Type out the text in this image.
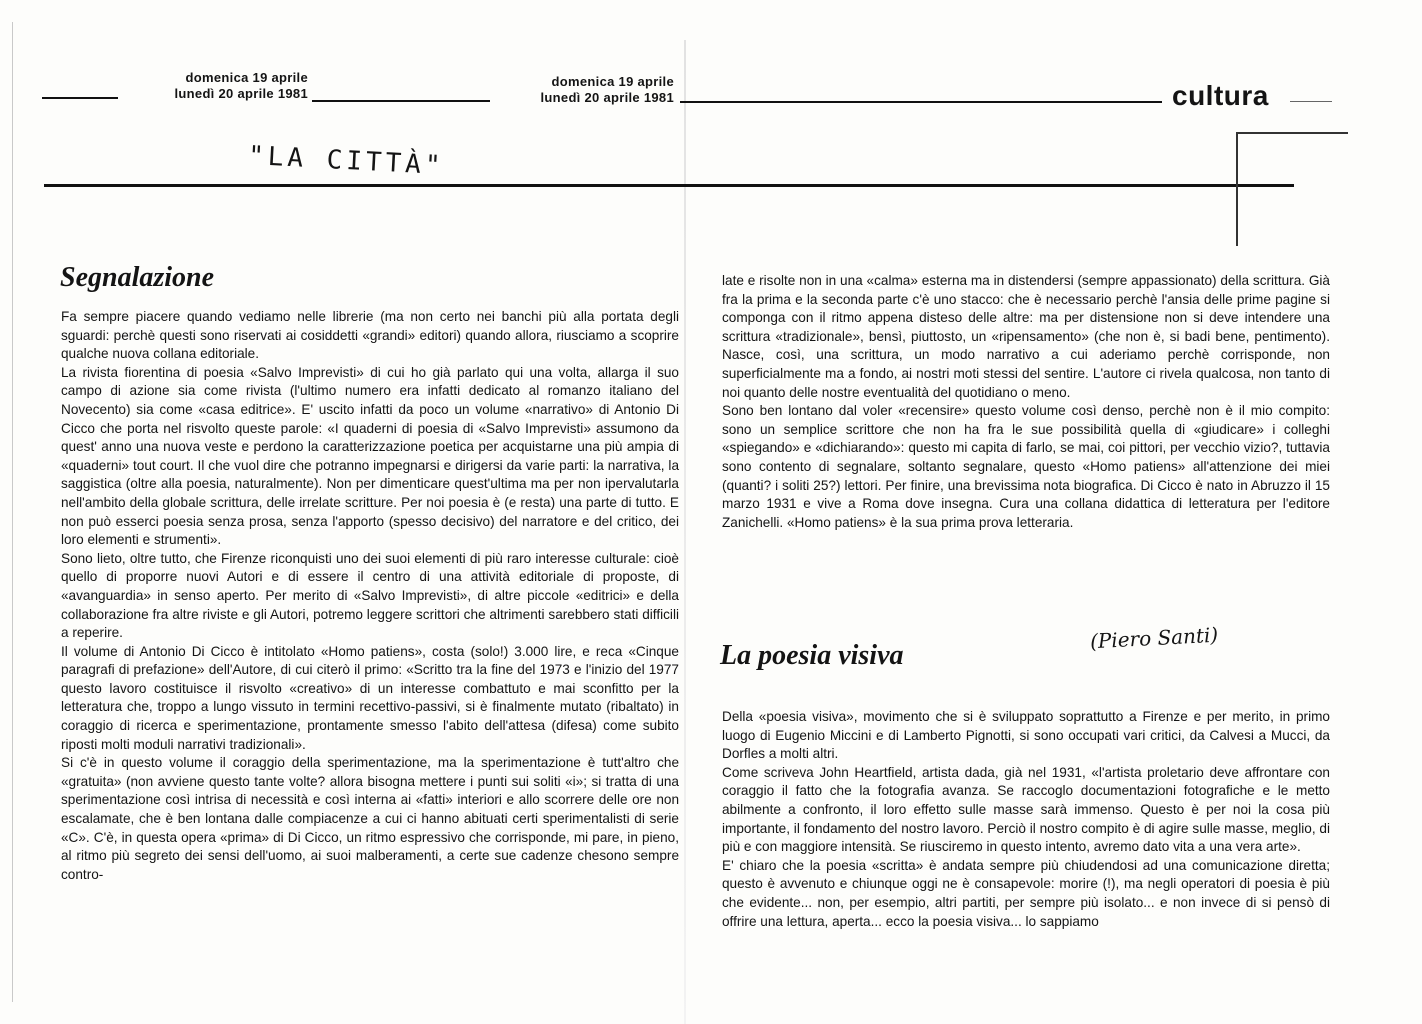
domenica 19 aprile
lunedì 20 aprile 1981
domenica 19 aprile
lunedì 20 aprile 1981	cultura
"LA CITTÀ"
Segnalazione

Fa sempre piacere quando vediamo nelle librerie (ma non certo nei banchi più alla portata degli sguardi: perchè questi sono riservati ai cosiddetti «grandi» editori) quando allora, riusciamo a scoprire qualche nuova collana editoriale.

La rivista fiorentina di poesia «Salvo Imprevisti» di cui ho già parlato qui una volta, allarga il suo campo di azione sia come rivista (l'ultimo numero era infatti dedicato al romanzo italiano del Novecento) sia come «casa editrice». E' uscito infatti da poco un volume «narrativo» di Antonio Di Cicco che porta nel risvolto queste parole: «I quaderni di poesia di «Salvo Imprevisti» assumono da quest' anno una nuova veste e perdono la caratterizzazione poetica per acquistarne una più ampia di «quaderni» tout court. Il che vuol dire che potranno impegnarsi e dirigersi da varie parti: la narrativa, la saggistica (oltre alla poesia, naturalmente). Non per dimenticare quest'ultima ma per non ipervalutarla nell'ambito della globale scrittura, delle irrelate scritture. Per noi poesia è (e resta) una parte di tutto. E non può esserci poesia senza prosa, senza l'apporto (spesso decisivo) del narratore e del critico, dei loro elementi e strumenti».

Sono lieto, oltre tutto, che Firenze riconquisti uno dei suoi elementi di più raro interesse culturale: cioè quello di proporre nuovi Autori e di essere il centro di una attività editoriale di proposte, di «avanguardia» in senso aperto. Per merito di «Salvo Imprevisti», di altre piccole «editrici» e della collaborazione fra altre riviste e gli Autori, potremo leggere scrittori che altrimenti sarebbero stati difficili a reperire.

Il volume di Antonio Di Cicco è intitolato «Homo patiens», costa (solo!) 3.000 lire, e reca «Cinque paragrafi di prefazione» dell'Autore, di cui citerò il primo: «Scritto tra la fine del 1973 e l'inizio del 1977 questo lavoro costituisce il risvolto «creativo» di un interesse combattuto e mai sconfitto per la letteratura che, troppo a lungo vissuto in termini recettivo-passivi, si è finalmente mutato (ribaltato) in coraggio di ricerca e sperimentazione, prontamente smesso l'abito dell'attesa (difesa) come subito riposti molti moduli narrativi tradizionali».

Si c'è in questo volume il coraggio della sperimentazione, ma la sperimentazione è tutt'altro che «gratuita» (non avviene questo tante volte? allora bisogna mettere i punti sui soliti «i»; si tratta di una sperimentazione così intrisa di necessità e così interna ai «fatti» interiori e allo scorrere delle ore non escalamate, che è ben lontana dalle compiacenze a cui ci hanno abituati certi sperimentalisti di serie «C». C'è, in questa opera «prima» di Di Cicco, un ritmo espressivo che corrisponde, mi pare, in pieno, al ritmo più segreto dei sensi dell'uomo, ai suoi malberamenti, a certe sue cadenze chesono sempre contro-

late e risolte non in una «calma» esterna ma in distendersi (sempre appassionato) della scrittura. Già fra la prima e la seconda parte c'è uno stacco: che è necessario perchè l'ansia delle prime pagine si componga con il ritmo appena disteso delle altre: ma per distensione non si deve intendere una scrittura «tradizionale», bensì, piuttosto, un «ripensamento» (che non è, si badi bene, pentimento). Nasce, così, una scrittura, un modo narrativo a cui aderiamo perchè corrisponde, non superficialmente ma a fondo, ai nostri moti stessi del sentire. L'autore ci rivela qualcosa, non tanto di noi quanto delle nostre eventualità del quotidiano o meno.

Sono ben lontano dal voler «recensire» questo volume così denso, perchè non è il mio compito: sono un semplice scrittore che non ha fra le sue possibilità quella di «giudicare» i colleghi «spiegando» e «dichiarando»: questo mi capita di farlo, se mai, coi pittori, per vecchio vizio?, tuttavia sono contento di segnalare, soltanto segnalare, questo «Homo patiens» all'attenzione dei miei (quanti? i soliti 25?) lettori. Per finire, una brevissima nota biografica. Di Cicco è nato in Abruzzo il 15 marzo 1931 e vive a Roma dove insegna. Cura una collana didattica di letteratura per l'editore Zanichelli. «Homo patiens» è la sua prima prova letteraria.

(Piero Santi)
La poesia visiva

Della «poesia visiva», movimento che si è sviluppato soprattutto a Firenze e per merito, in primo luogo di Eugenio Miccini e di Lamberto Pignotti, si sono occupati vari critici, da Calvesi a Mucci, da Dorfles a molti altri.

Come scriveva John Heartfield, artista dada, già nel 1931, «l'artista proletario deve affrontare con coraggio il fatto che la fotografia avanza. Se raccoglo documentazioni fotografiche e le metto abilmente a confronto, il loro effetto sulle masse sarà immenso. Questo è per noi la cosa più importante, il fondamento del nostro lavoro. Perciò il nostro compito è di agire sulle masse, meglio, di più e con maggiore intensità. Se riusciremo in questo intento, avremo dato vita a una vera arte».

E' chiaro che la poesia «scritta» è andata sempre più chiudendosi ad una comunicazione diretta; questo è avvenuto e chiunque oggi ne è consapevole: morire (!), ma negli operatori di poesia è più che evidente... non, per esempio, altri partiti, per sempre più isolato... e non invece di si pensò di offrire una lettura, aperta... ecco la poesia visiva... lo sappiamo
